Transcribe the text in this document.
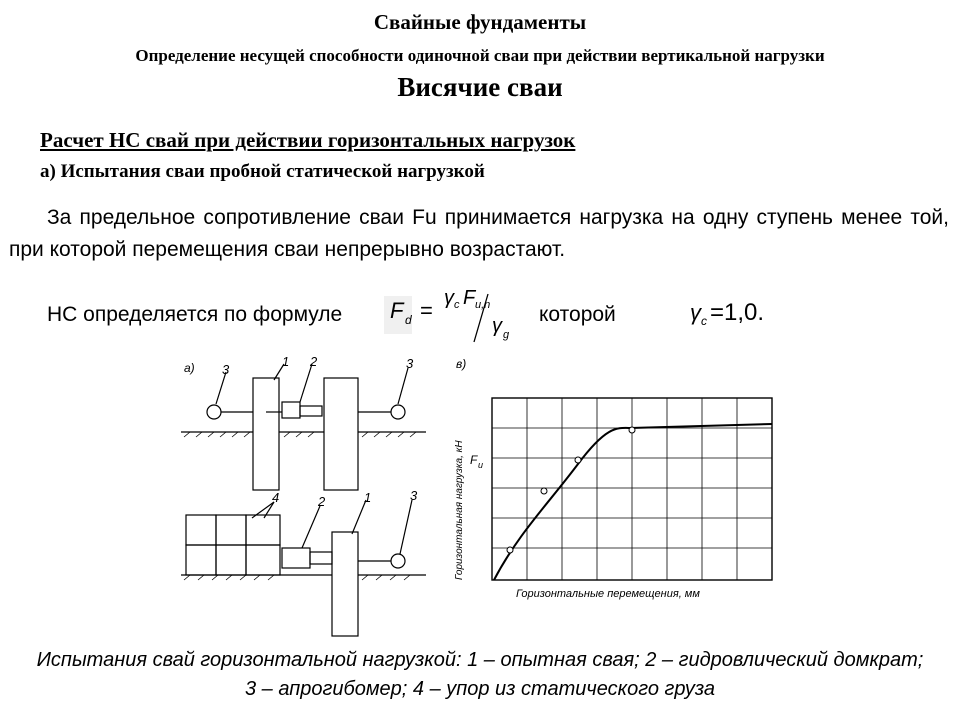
Свайные фундаменты
Определение несущей способности одиночной сваи при действии вертикальной нагрузки
Висячие сваи
Расчет НС свай при действии горизонтальных нагрузок
а) Испытания сваи пробной статической нагрузкой
За предельное сопротивление сваи Fu принимается нагрузка на одну ступень менее той, при которой перемещения сваи непрерывно возрастают.
НС определяется по формуле F d = γ c F u,n
γ g
которой	γ c =1,0.
а) 3
1 2	3
4	2	1	3
в)
F u
Горизонтальная нагрузка, кН
Горизонтальные перемещения, мм
Испытания свай горизонтальной нагрузкой: 1 – опытная свая; 2 – гидровлический домкрат; 3 – апрогибомер; 4 – упор из статического груза
